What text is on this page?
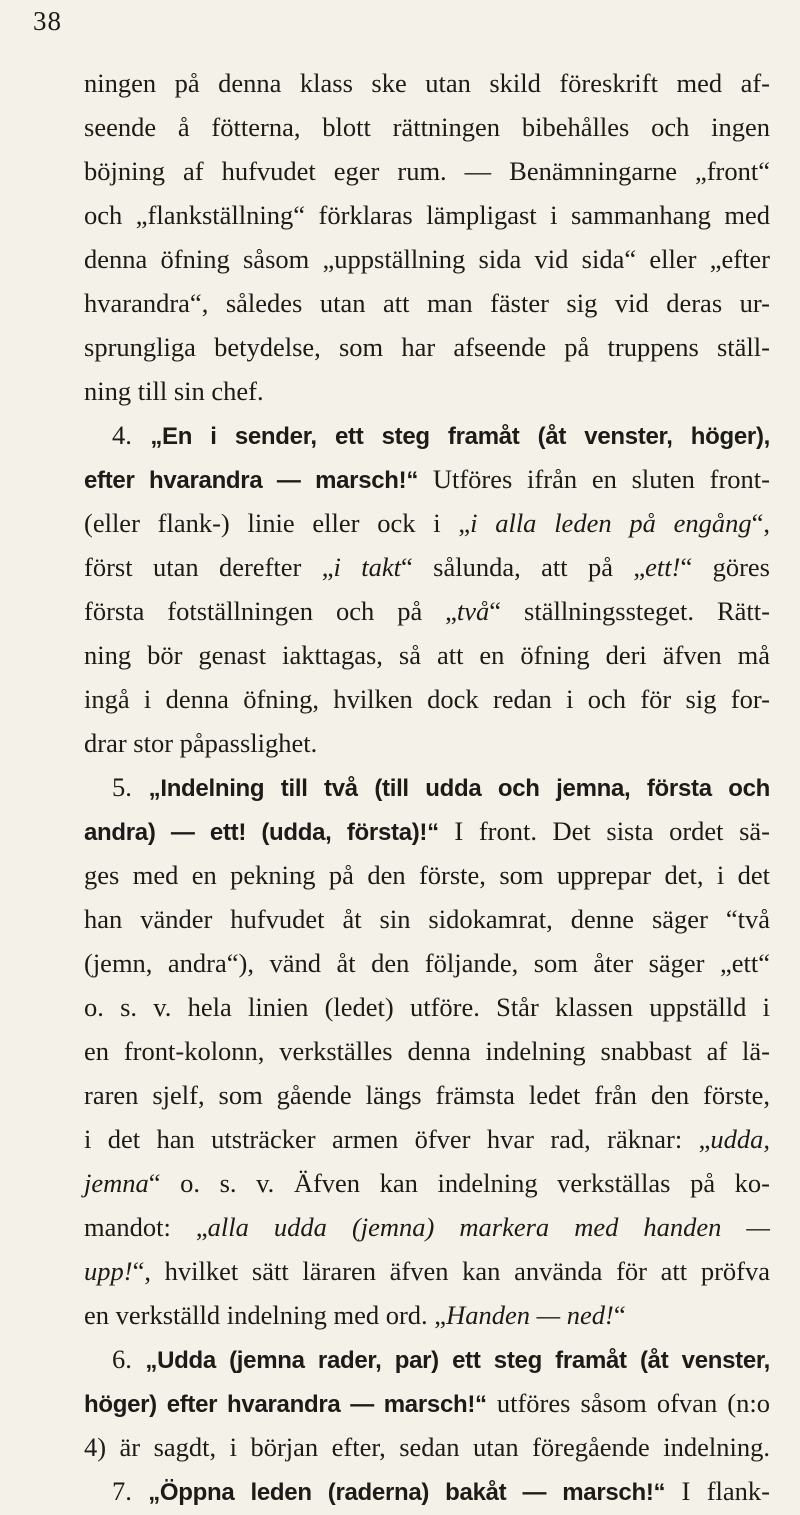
38
ningen på denna klass ske utan skild föreskrift med af-
seende å fötterna, blott rättningen bibehålles och ingen
böjning af hufvudet eger rum. — Benämningarne „front“
och „flankställning“ förklaras lämpligast i sammanhang med
denna öfning såsom „uppställning sida vid sida“ eller „efter
hvarandra“, således utan att man fäster sig vid deras ur-
sprungliga betydelse, som har afseende på truppens ställ-
ning till sin chef.
4. „En i sender, ett steg framåt (åt venster, höger),
efter hvarandra — marsch!“ Utföres ifrån en sluten front-
(eller flank-) linie eller ock i „i alla leden på engång“,
först utan derefter „i takt“ sålunda, att på „ett!“ göres
första fotställningen och på „två“ ställningssteget. Rätt-
ning bör genast iakttagas, så att en öfning deri äfven må
ingå i denna öfning, hvilken dock redan i och för sig for-
drar stor påpasslighet.
5. „Indelning till två (till udda och jemna, första och
andra) — ett! (udda, första)!“ I front. Det sista ordet sä-
ges med en pekning på den förste, som upprepar det, i det
han vänder hufvudet åt sin sidokamrat, denne säger “två
(jemn, andra“), vänd åt den följande, som åter säger „ett“
o. s. v. hela linien (ledet) utföre. Står klassen uppställd i
en front-kolonn, verkställes denna indelning snabbast af lä-
raren sjelf, som gående längs främsta ledet från den förste,
i det han utsträcker armen öfver hvar rad, räknar: „udda,
jemna“ o. s. v. Äfven kan indelning verkställas på ko-
mandot: „alla udda (jemna) markera med handen —
upp!“, hvilket sätt läraren äfven kan använda för att pröfva
en verkställd indelning med ord. „Handen — ned!“
6. „Udda (jemna rader, par) ett steg framåt (åt venster,
höger) efter hvarandra — marsch!“ utföres såsom ofvan (n:o
4) är sagdt, i början efter, sedan utan föregående indelning.
7. „Öppna leden (raderna) bakåt — marsch!“ I flank-
